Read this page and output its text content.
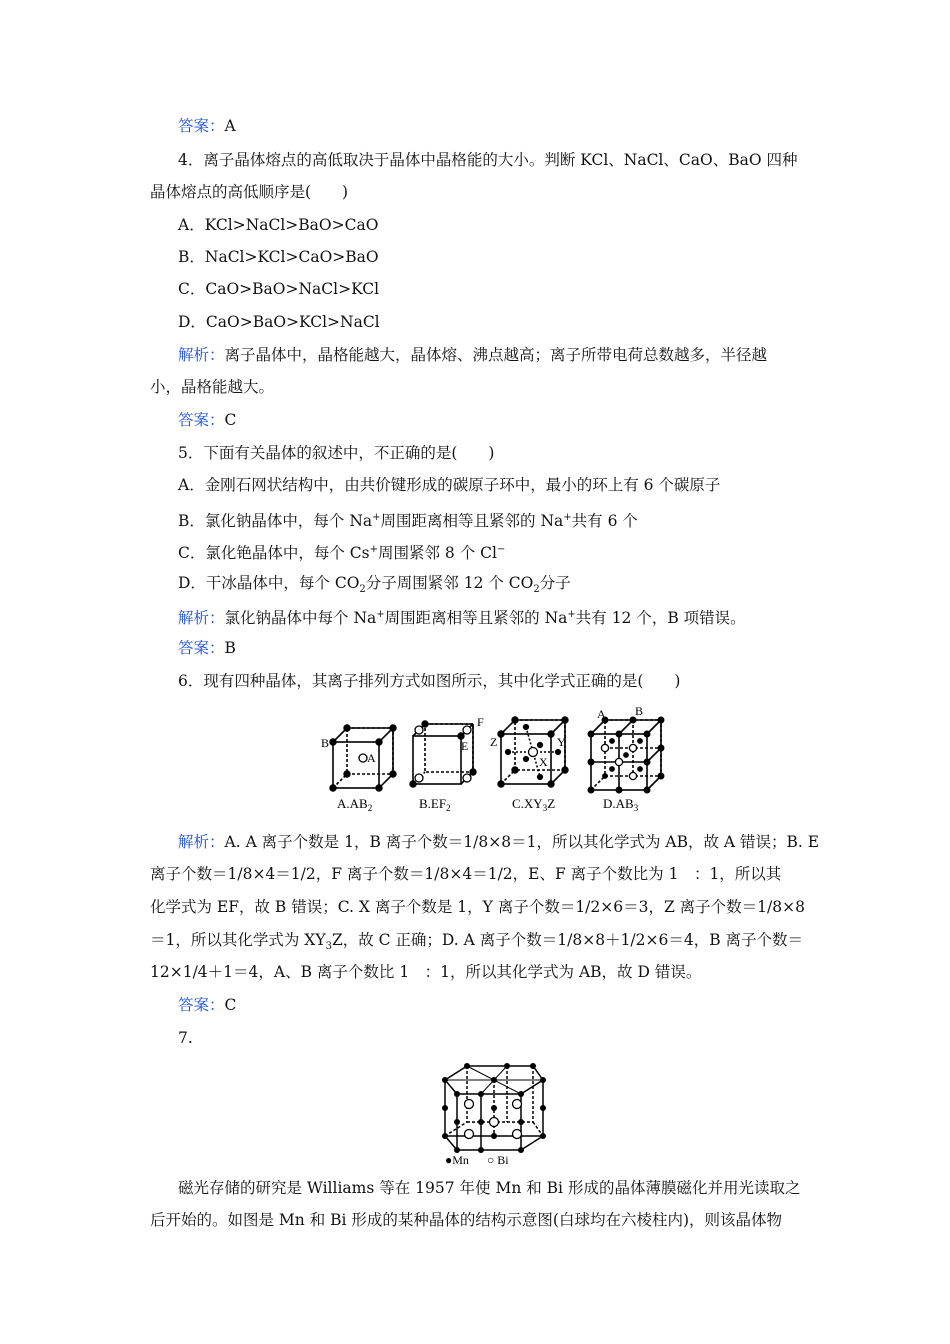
答案：A
4．离子晶体熔点的高低取决于晶体中晶格能的大小。判断 KCl、NaCl、CaO、BaO 四种
晶体熔点的高低顺序是(　　)
A．KCl>NaCl>BaO>CaO
B．NaCl>KCl>CaO>BaO
C．CaO>BaO>NaCl>KCl
D．CaO>BaO>KCl>NaCl
解析：离子晶体中，晶格能越大，晶体熔、沸点越高；离子所带电荷总数越多，半径越
小，晶格能越大。
答案：C
5．下面有关晶体的叙述中，不正确的是(　　)
A．金刚石网状结构中，由共价键形成的碳原子环中，最小的环上有 6 个碳原子
B．氯化钠晶体中，每个 Na+周围距离相等且紧邻的 Na+共有 6 个
C．氯化铯晶体中，每个 Cs+周围紧邻 8 个 Cl−
D．干冰晶体中，每个 $CO_2$分子周围紧邻 12 个 $CO_2$分子
解析：氯化钠晶体中每个 Na+周围距离相等且紧邻的 Na+共有 12 个，B 项错误。
答案：B
6．现有四种晶体，其离子排列方式如图所示，其中化学式正确的是(　　)
B
A
F
E Z	Y
X
A B
$A.AB_2$	$B.EF_2$	$C.XY_3Z$	$D.AB_3$
解析：A. A 离子个数是 1，B 离子个数＝1/8×8＝1，所以其化学式为 AB，故 A 错误；B. E
离子个数＝1/8×4＝1/2，F 离子个数＝1/8×4＝1/2，E、F 离子个数比为 1　：1，所以其
化学式为 EF，故 B 错误；C. X 离子个数是 1，Y 离子个数＝1/2×6＝3，Z 离子个数＝1/8×8
＝1，所以其化学式为 $XY_3Z$，故 C 正确；D. A 离子个数＝1/8×8＋1/2×6＝4，B 离子个数＝
12×1/4＋1＝4，A、B 离子个数比 1　：1，所以其化学式为 AB，故 D 错误。
答案：C
7.
●Mn ○ Bi
磁光存储的研究是 Williams 等在 1957 年使 Mn 和 Bi 形成的晶体薄膜磁化并用光读取之
后开始的。如图是 Mn 和 Bi 形成的某种晶体的结构示意图(白球均在六棱柱内)，则该晶体物
